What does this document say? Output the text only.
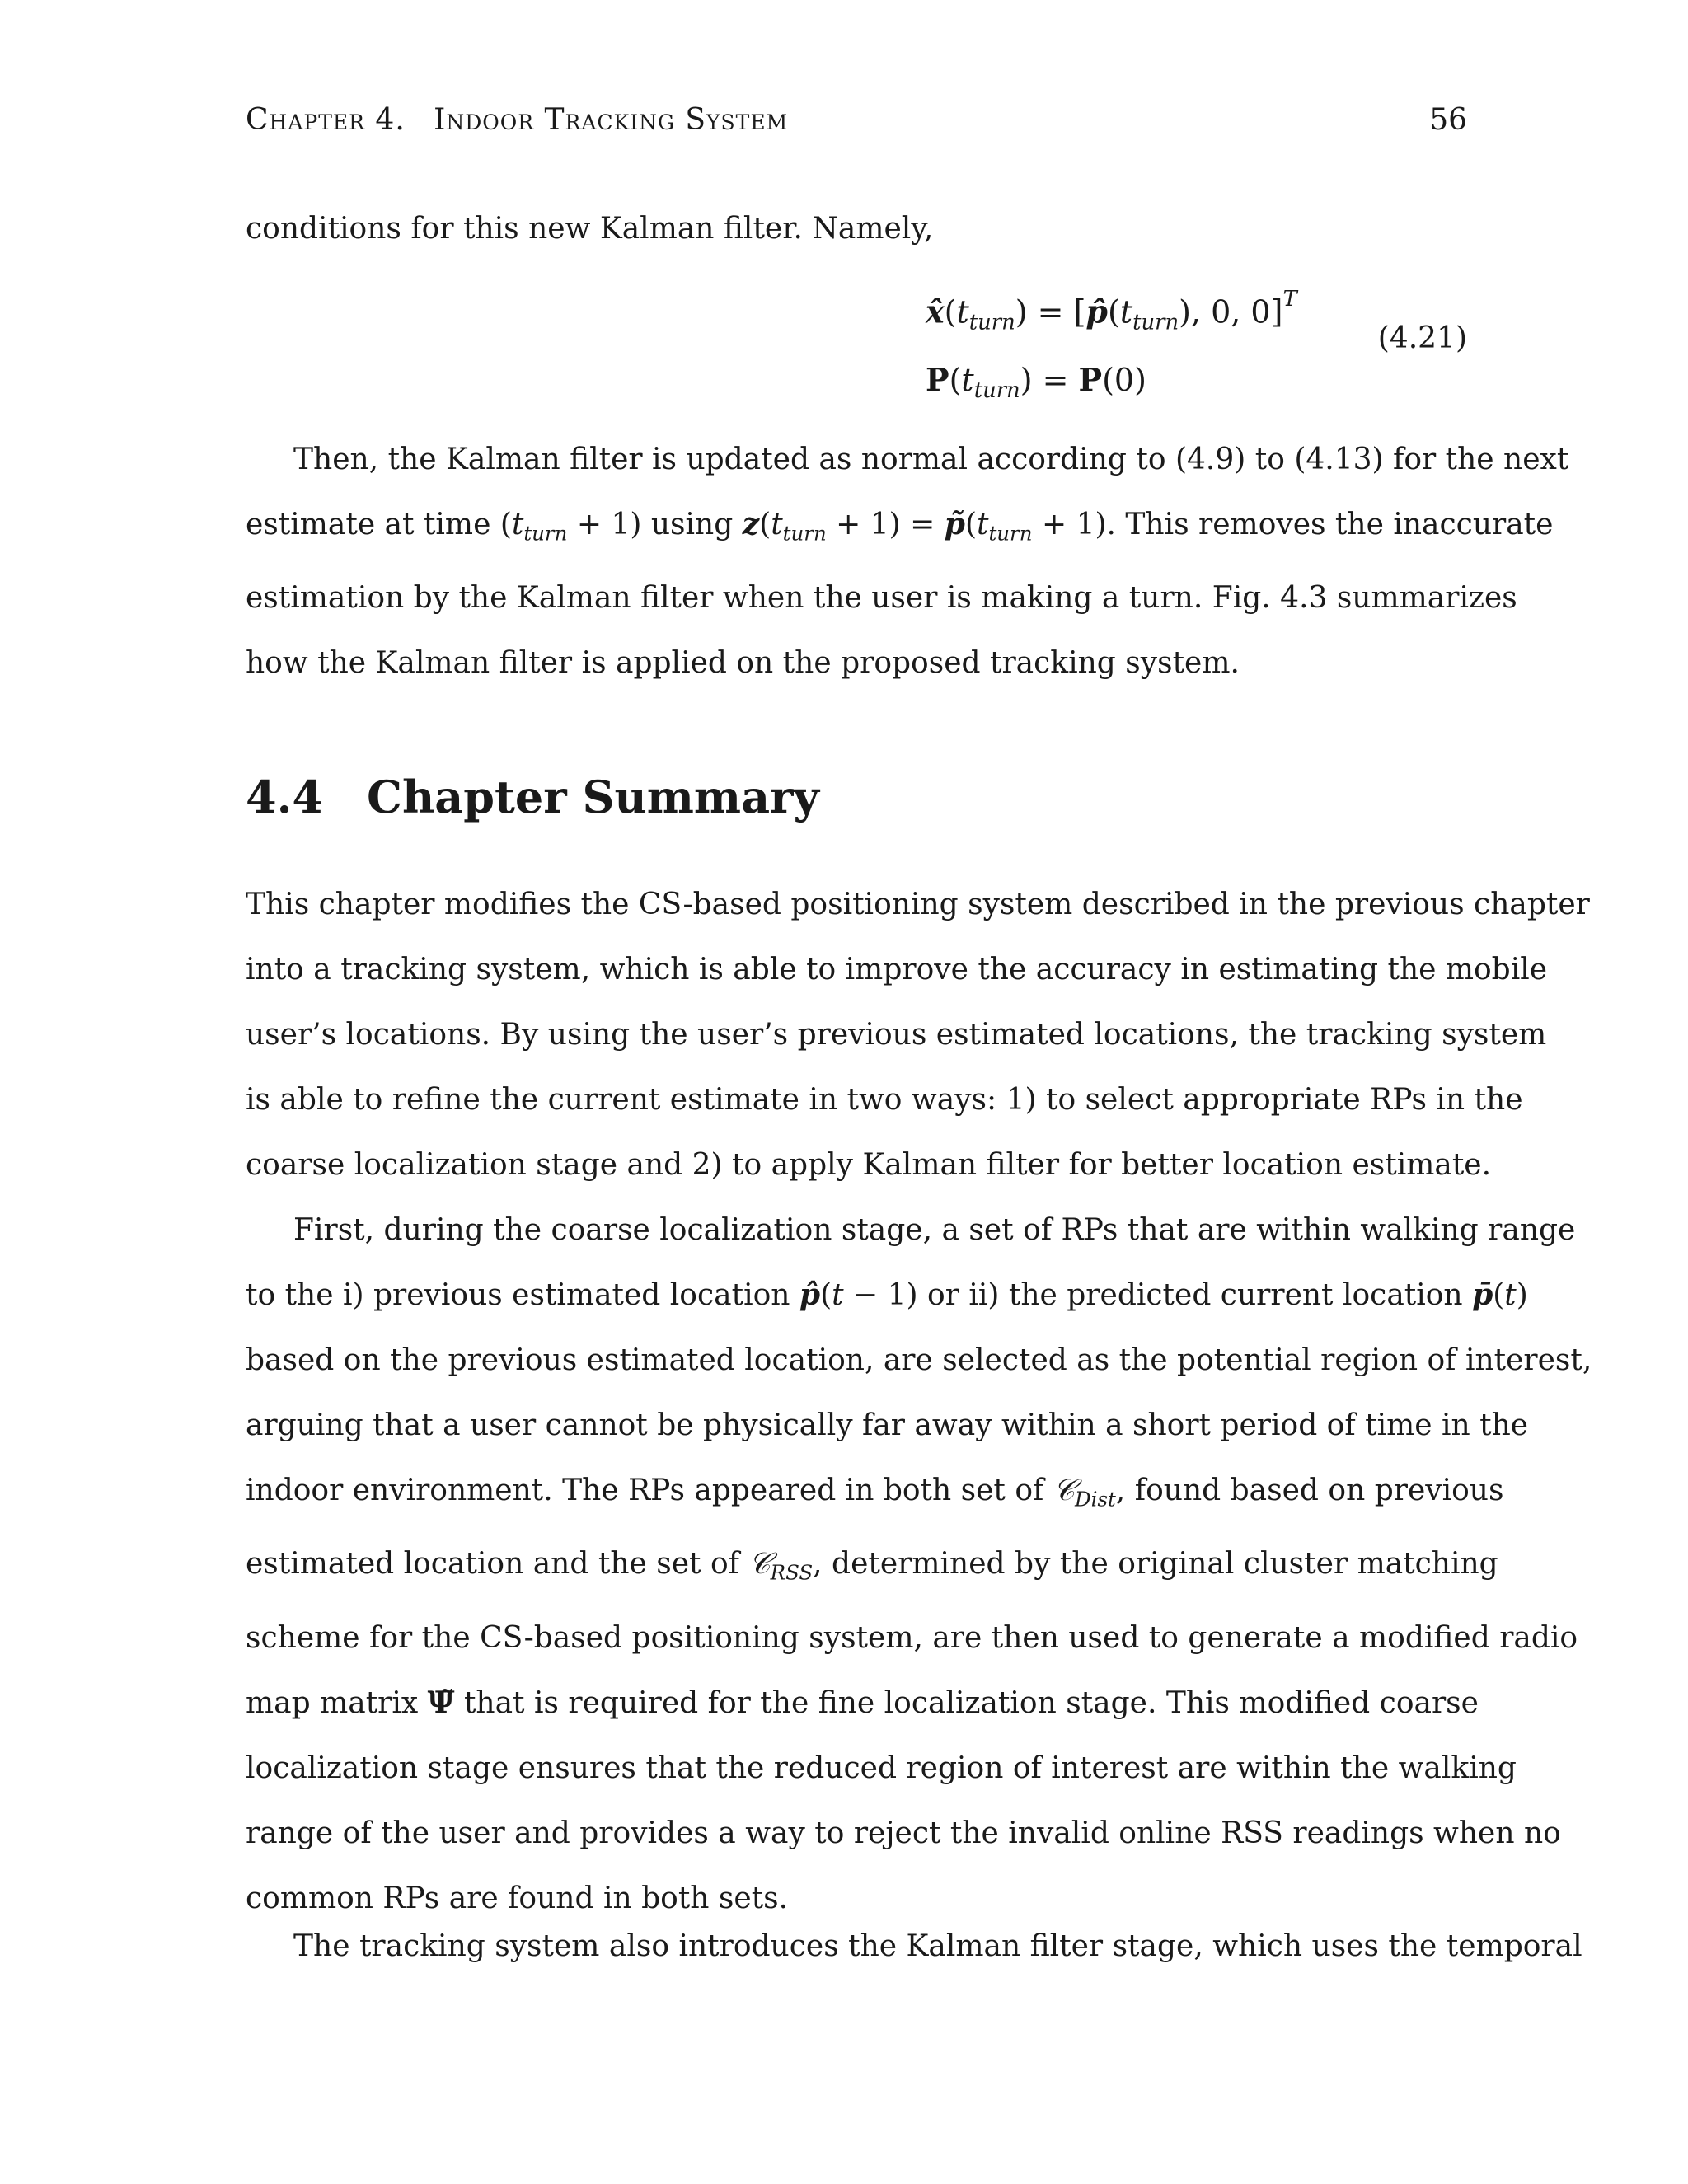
Chapter 4. Indoor Tracking System	56
conditions for this new Kalman filter. Namely,
$x̂(t_{turn})$ = [$p̂(t_{turn})$, 0, 0]$^T$
$P(t_{turn}) = P(0)$
(4.21)
Then, the Kalman filter is updated as normal according to (4.9) to (4.13) for the next
estimate at time $(t_{turn} + 1)$ using $z(t_{turn} + 1)$ = $p̃(t_{turn} + 1)$. This removes the inaccurate
estimation by the Kalman filter when the user is making a turn. Fig. 4.3 summarizes
how the Kalman filter is applied on the proposed tracking system.
4.4 Chapter Summary
This chapter modifies the CS-based positioning system described in the previous chapter
into a tracking system, which is able to improve the accuracy in estimating the mobile
user’s locations. By using the user’s previous estimated locations, the tracking system
is able to refine the current estimate in two ways: 1) to select appropriate RPs in the
coarse localization stage and 2) to apply Kalman filter for better location estimate.
First, during the coarse localization stage, a set of RPs that are within walking range
to the i) previous estimated location p̂(t − 1) or ii) the predicted current location p̄(t)
based on the previous estimated location, are selected as the potential region of interest,
arguing that a user cannot be physically far away within a short period of time in the
indoor environment. The RPs appeared in both set of 𝒞$_{Dist}$, found based on previous
estimated location and the set of 𝒞$_{RSS}$, determined by the original cluster matching
scheme for the CS-based positioning system, are then used to generate a modified radio
map matrix Ψ̃ that is required for the fine localization stage. This modified coarse
localization stage ensures that the reduced region of interest are within the walking
range of the user and provides a way to reject the invalid online RSS readings when no
common RPs are found in both sets.
The tracking system also introduces the Kalman filter stage, which uses the temporal
